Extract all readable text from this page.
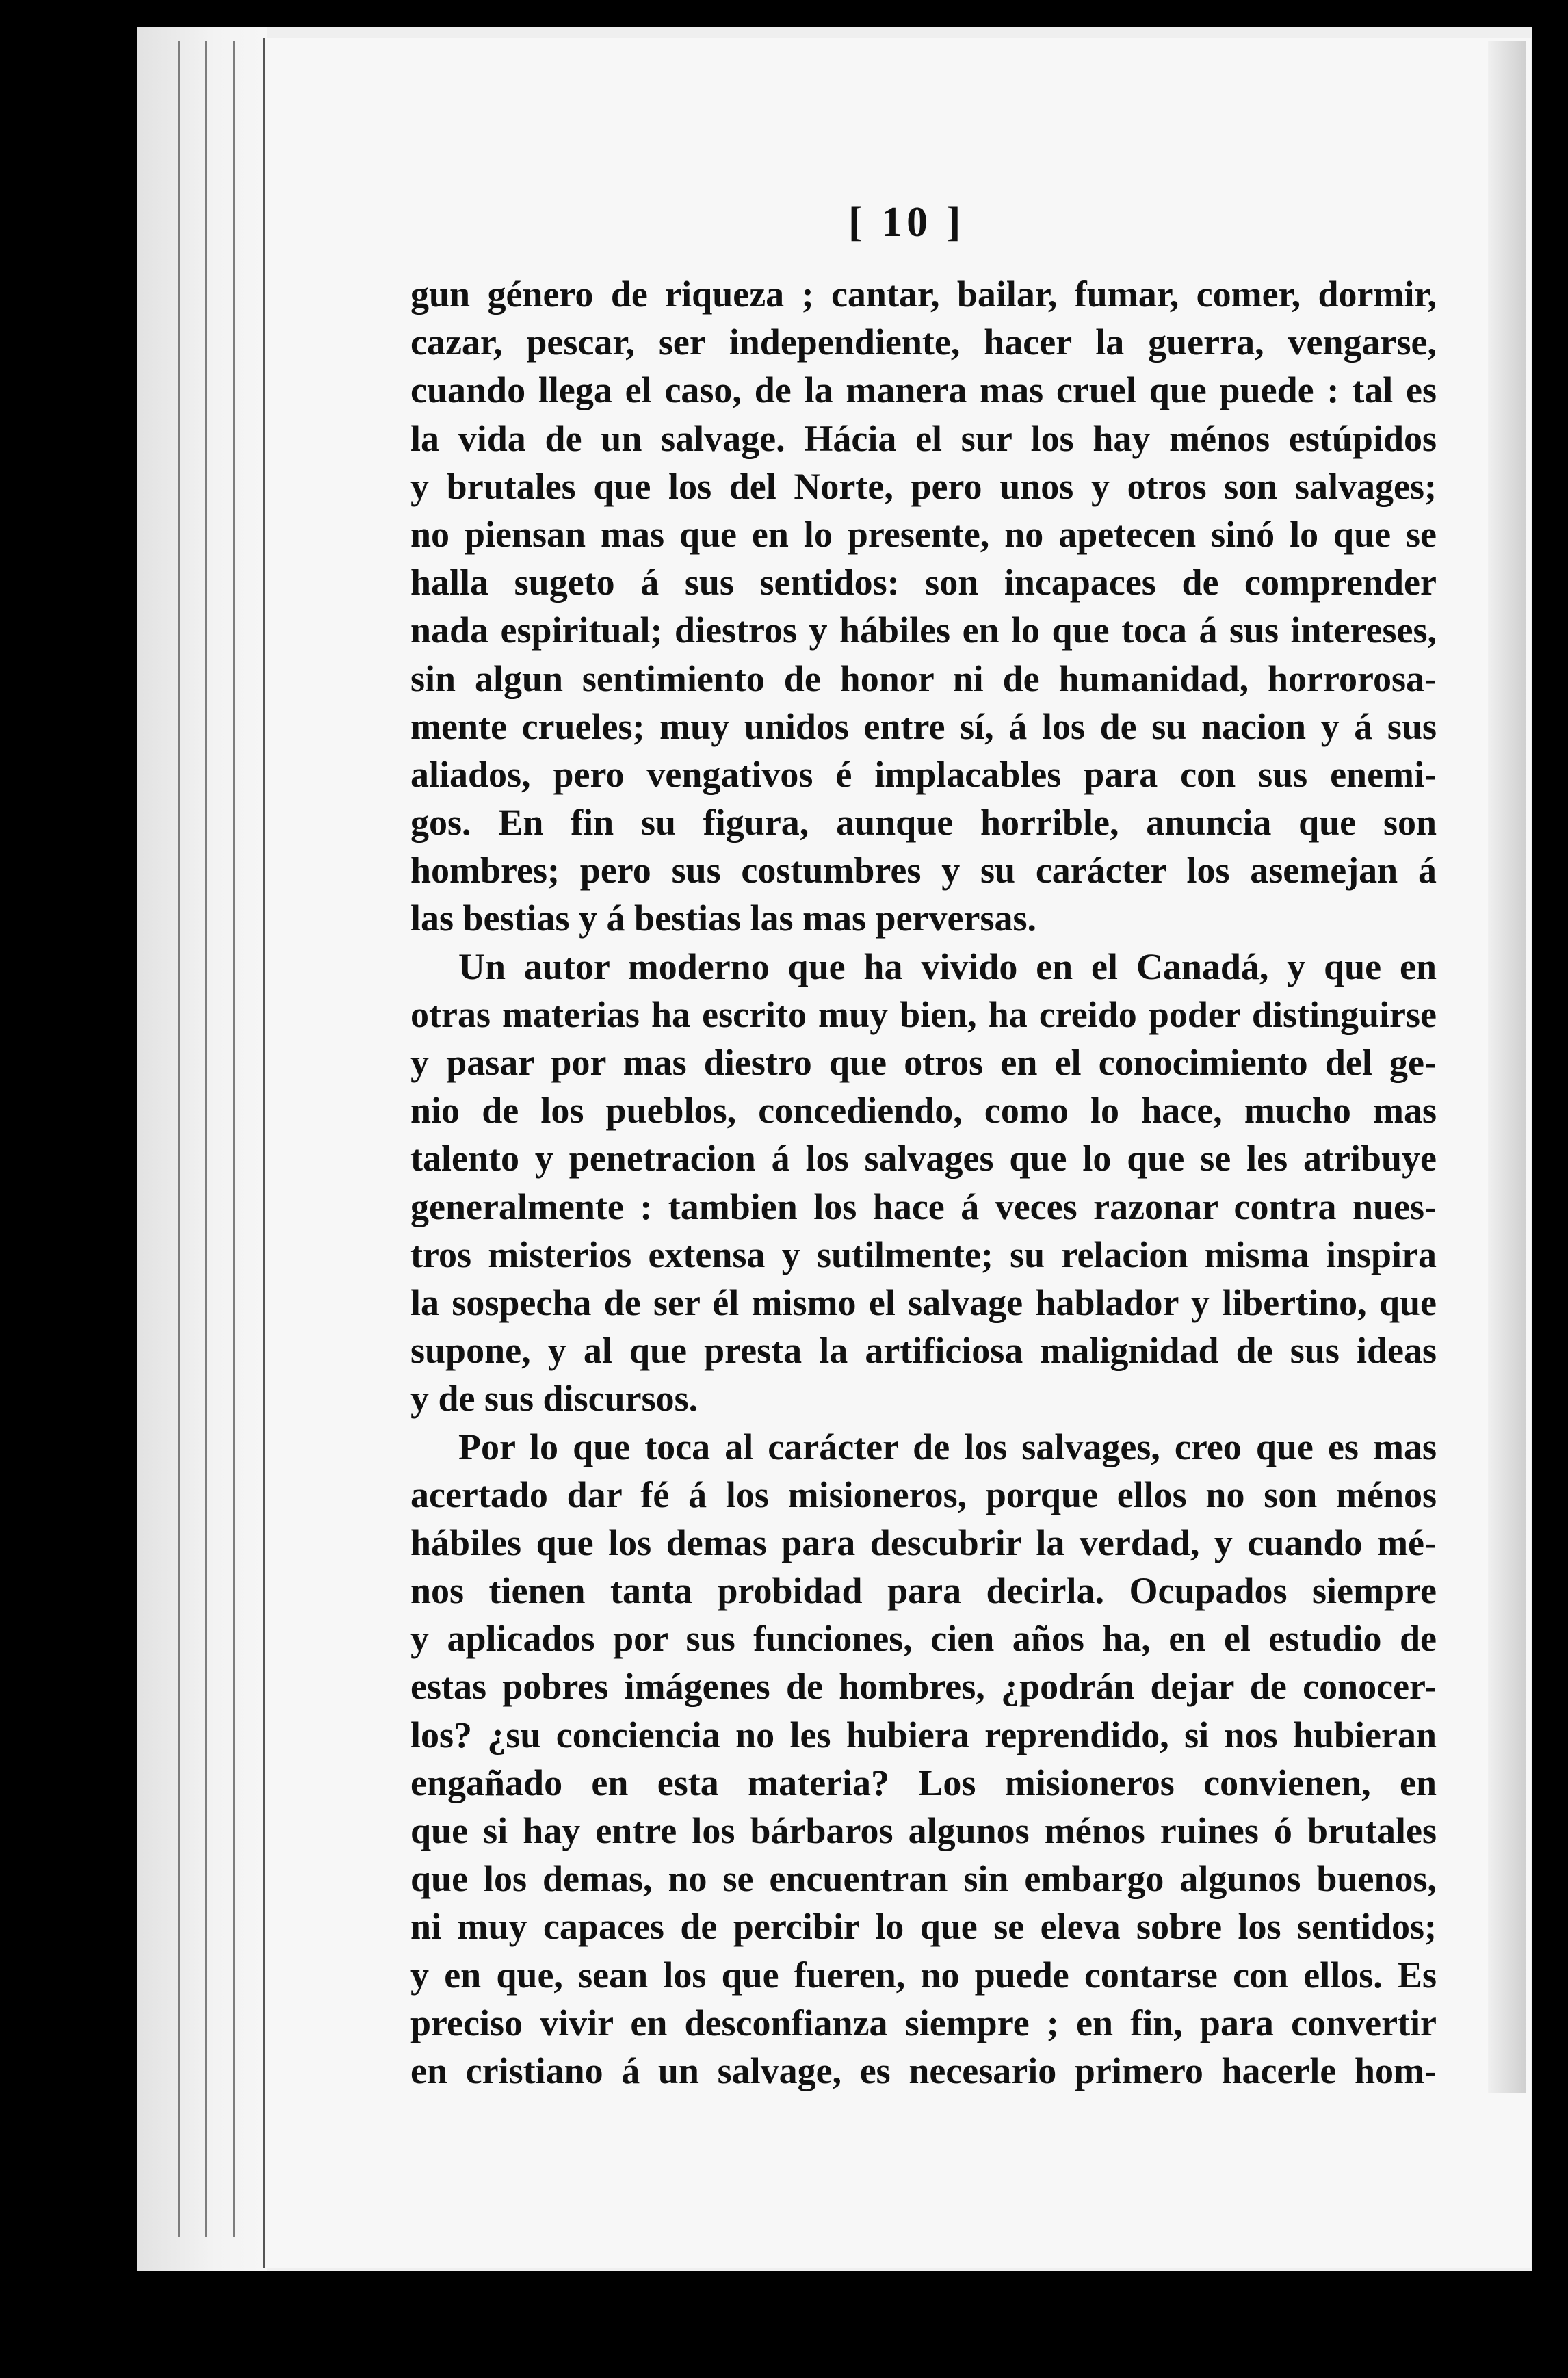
[ 10 ]
gun género de riqueza ; cantar, bailar, fumar, comer, dormir,
cazar, pescar, ser independiente, hacer la guerra, vengarse,
cuando llega el caso, de la manera mas cruel que puede : tal es
la vida de un salvage. Hácia el sur los hay ménos estúpidos
y brutales que los del Norte, pero unos y otros son salvages;
no piensan mas que en lo presente, no apetecen sinó lo que se
halla sugeto á sus sentidos: son incapaces de comprender
nada espiritual; diestros y hábiles en lo que toca á sus intereses,
sin algun sentimiento de honor ni de humanidad, horrorosa-
mente crueles; muy unidos entre sí, á los de su nacion y á sus
aliados, pero vengativos é implacables para con sus enemi-
gos. En fin su figura, aunque horrible, anuncia que son
hombres; pero sus costumbres y su carácter los asemejan á
las bestias y á bestias las mas perversas.
Un autor moderno que ha vivido en el Canadá, y que en
otras materias ha escrito muy bien, ha creido poder distinguirse
y pasar por mas diestro que otros en el conocimiento del ge-
nio de los pueblos, concediendo, como lo hace, mucho mas
talento y penetracion á los salvages que lo que se les atribuye
generalmente : tambien los hace á veces razonar contra nues-
tros misterios extensa y sutilmente; su relacion misma inspira
la sospecha de ser él mismo el salvage hablador y libertino, que
supone, y al que presta la artificiosa malignidad de sus ideas
y de sus discursos.
Por lo que toca al carácter de los salvages, creo que es mas
acertado dar fé á los misioneros, porque ellos no son ménos
hábiles que los demas para descubrir la verdad, y cuando mé-
nos tienen tanta probidad para decirla. Ocupados siempre
y aplicados por sus funciones, cien años ha, en el estudio de
estas pobres imágenes de hombres, ¿podrán dejar de conocer-
los? ¿su conciencia no les hubiera reprendido, si nos hubieran
engañado en esta materia? Los misioneros convienen, en
que si hay entre los bárbaros algunos ménos ruines ó brutales
que los demas, no se encuentran sin embargo algunos buenos,
ni muy capaces de percibir lo que se eleva sobre los sentidos;
y en que, sean los que fueren, no puede contarse con ellos. Es
preciso vivir en desconfianza siempre ; en fin, para convertir
en cristiano á un salvage, es necesario primero hacerle hom-
